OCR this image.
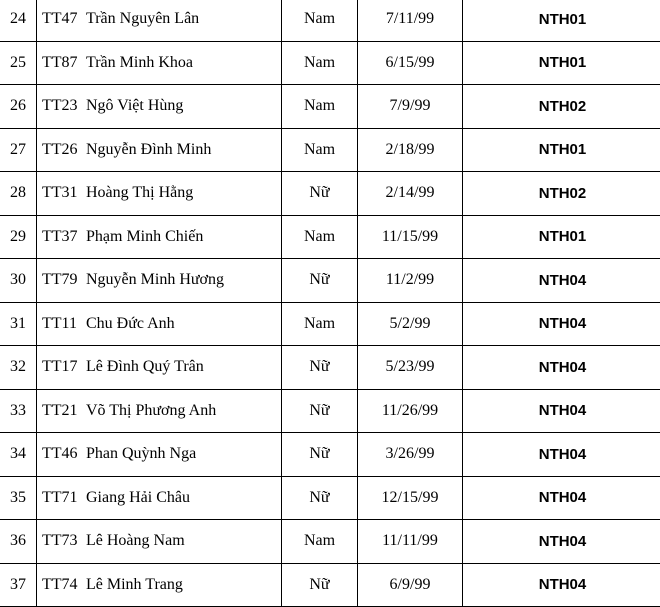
24	TT47 Trần Nguyên Lân	Nam	7/11/99	NTH01
25	TT87 Trần Minh Khoa	Nam	6/15/99	NTH01
26	TT23 Ngô Việt Hùng	Nam	7/9/99	NTH02
27	TT26 Nguyễn Đình Minh	Nam	2/18/99	NTH01
28	TT31 Hoàng Thị Hằng	Nữ	2/14/99	NTH02
29	TT37 Phạm Minh Chiến	Nam	11/15/99	NTH01
30	TT79 Nguyễn Minh Hương	Nữ	11/2/99	NTH04
31	TT11 Chu Đức Anh	Nam	5/2/99	NTH04
32	TT17 Lê Đình Quý Trân	Nữ	5/23/99	NTH04
33	TT21 Võ Thị Phương Anh	Nữ	11/26/99	NTH04
34	TT46 Phan Quỳnh Nga	Nữ	3/26/99	NTH04
35	TT71 Giang Hải Châu	Nữ	12/15/99	NTH04
36	TT73 Lê Hoàng Nam	Nam	11/11/99	NTH04
37	TT74 Lê Minh Trang	Nữ	6/9/99	NTH04
